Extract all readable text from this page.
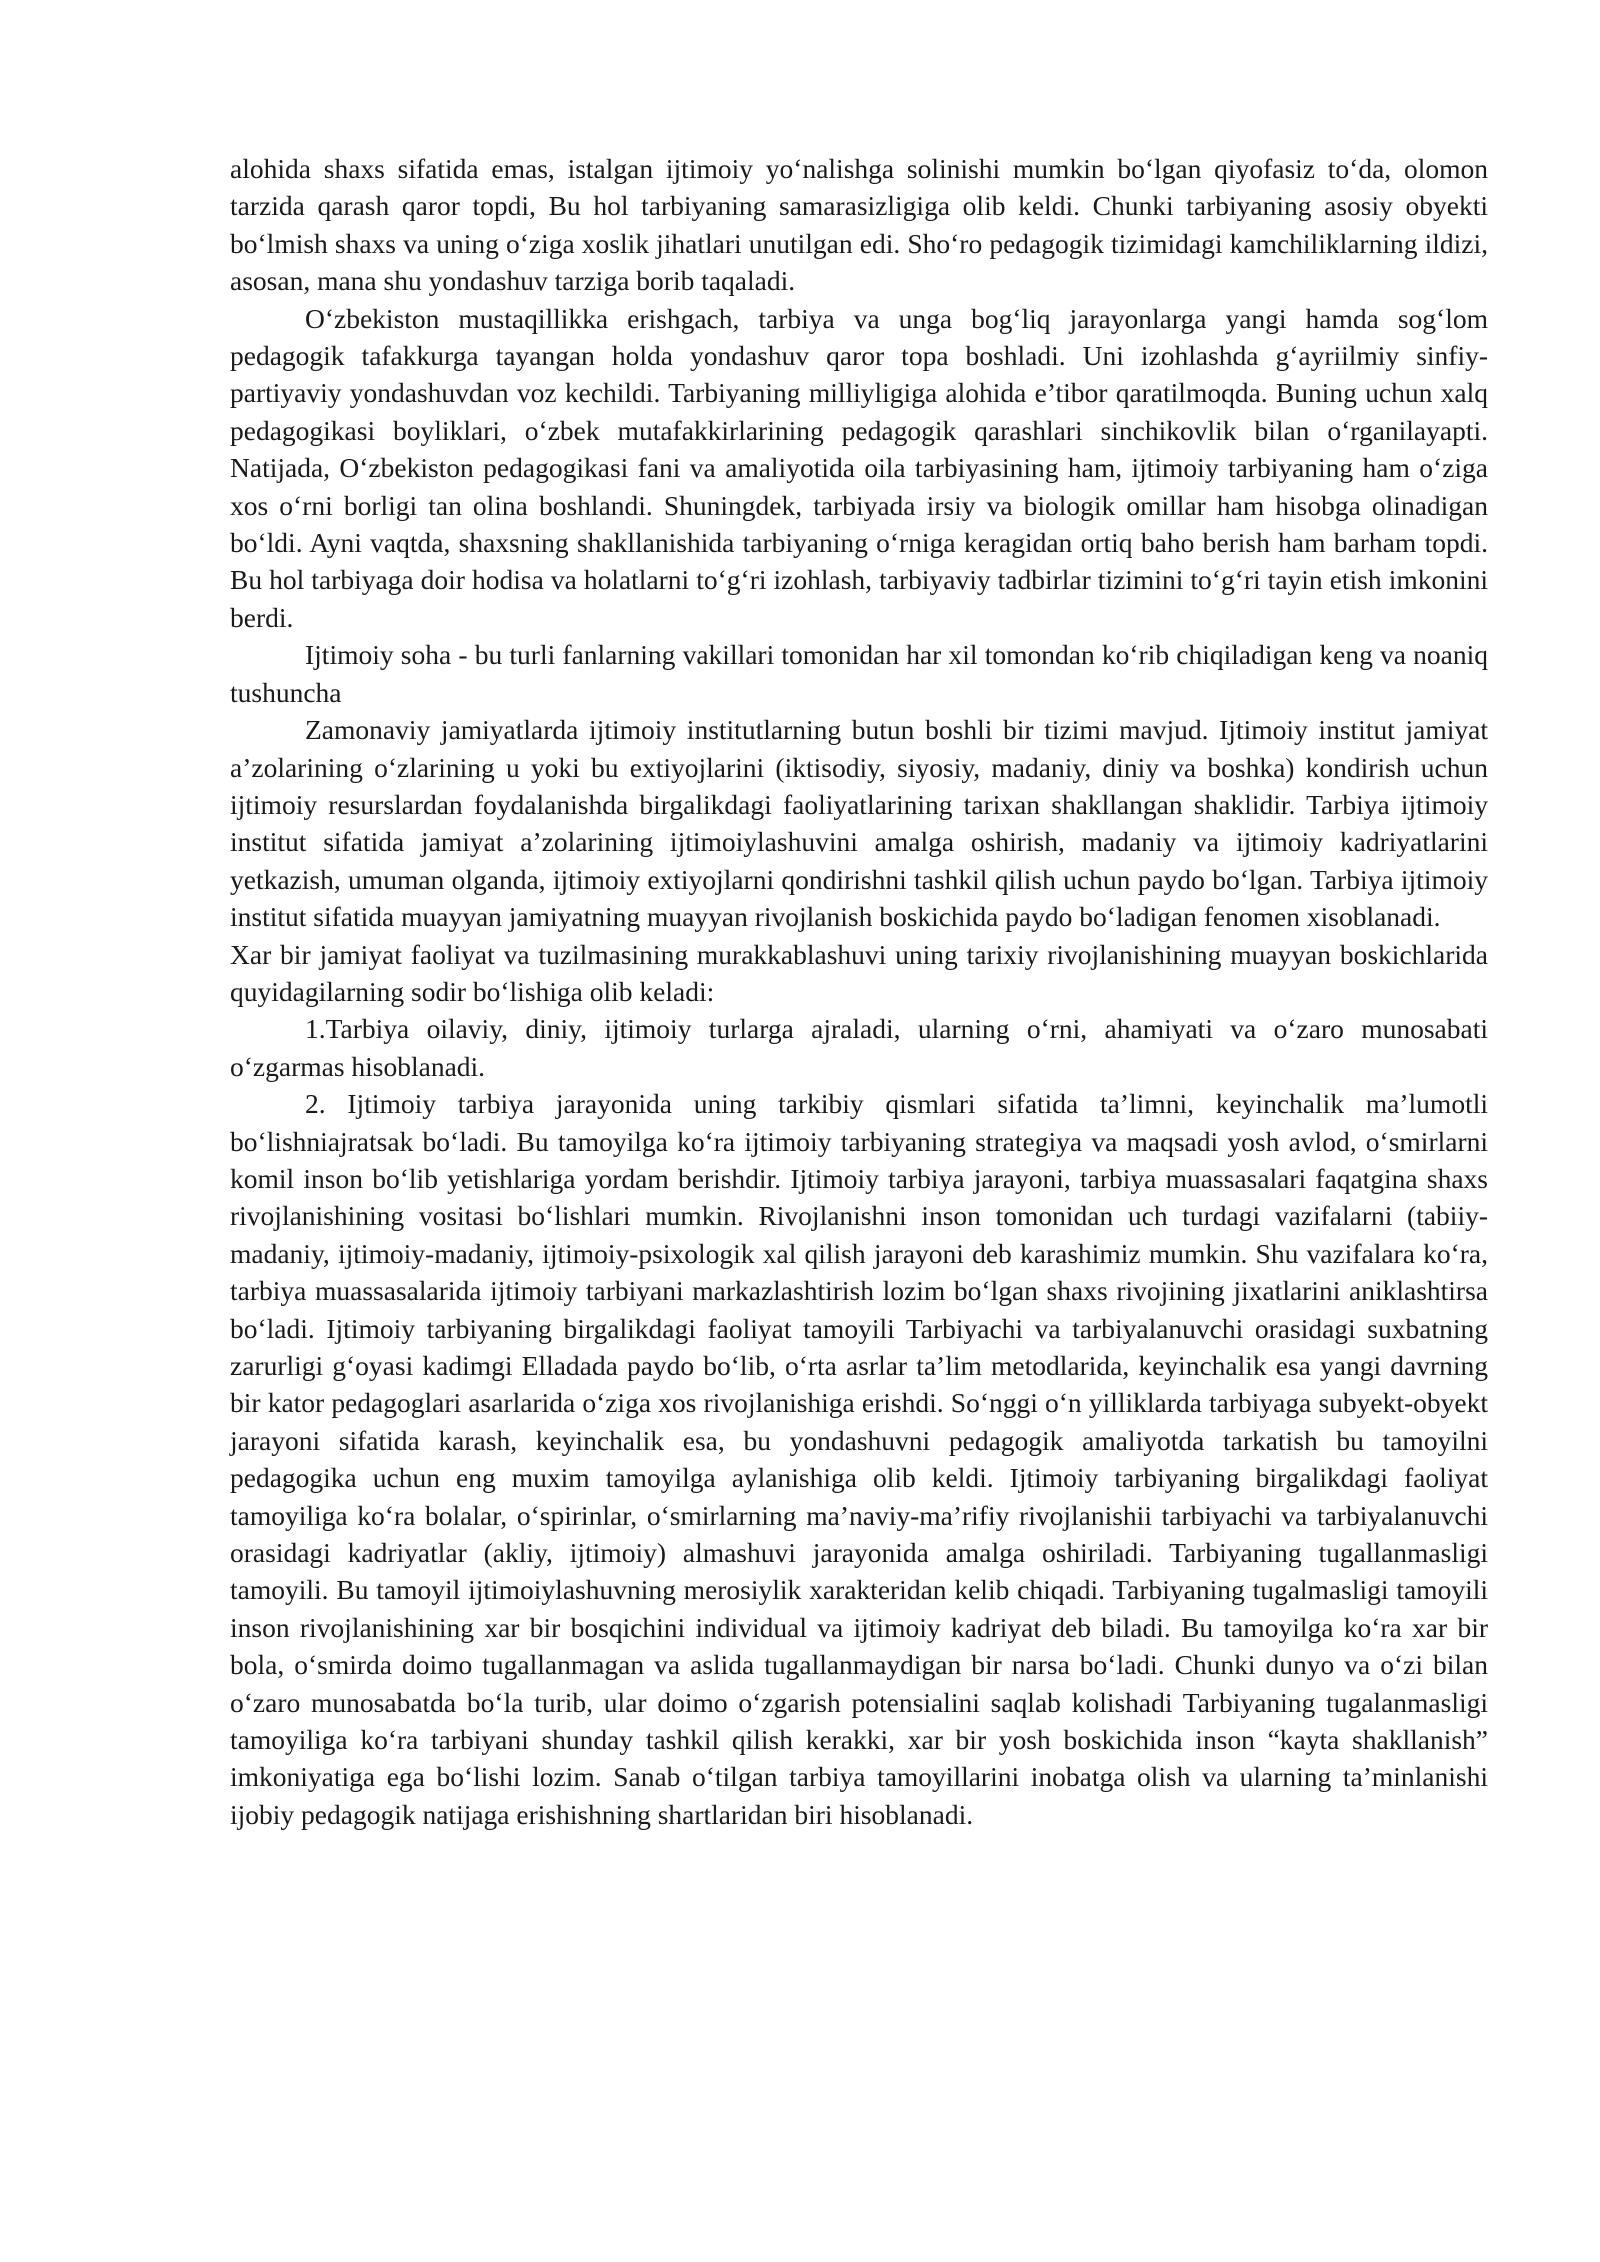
alohida shaxs sifatida emas, istalgan ijtimoiy yo‘nalishga solinishi mumkin bo‘lgan qiyofasiz to‘da, olomon tarzida qarash qaror topdi, Bu hol tarbiyaning samarasizligiga olib keldi. Chunki tarbiyaning asosiy obyekti bo‘lmish shaxs va uning o‘ziga xoslik jihatlari unutilgan edi. Sho‘ro pedagogik tizimidagi kamchiliklarning ildizi, asosan, mana shu yondashuv tarziga borib taqaladi.

O‘zbekiston mustaqillikka erishgach, tarbiya va unga bog‘liq jarayonlarga yangi hamda sog‘lom pedagogik tafakkurga tayangan holda yondashuv qaror topa boshladi. Uni izohlashda g‘ayriilmiy sinfiy-partiyaviy yondashuvdan voz kechildi. Tarbiyaning milliyligiga alohida e’tibor qaratilmoqda. Buning uchun xalq pedagogikasi boyliklari, o‘zbek mutafakkirlarining pedagogik qarashlari sinchikovlik bilan o‘rganilayapti. Natijada, O‘zbekiston pedagogikasi fani va amaliyotida oila tarbiyasining ham, ijtimoiy tarbiyaning ham o‘ziga xos o‘rni borligi tan olina boshlandi. Shuningdek, tarbiyada irsiy va biologik omillar ham hisobga olinadigan bo‘ldi. Ayni vaqtda, shaxsning shakllanishida tarbiyaning o‘rniga keragidan ortiq baho berish ham barham topdi. Bu hol tarbiyaga doir hodisa va holatlarni to‘g‘ri izohlash, tarbiyaviy tadbirlar tizimini to‘g‘ri tayin etish imkonini berdi.

Ijtimoiy soha - bu turli fanlarning vakillari tomonidan har xil tomondan ko‘rib chiqiladigan keng va noaniq tushuncha

Zamonaviy jamiyatlarda ijtimoiy institutlarning butun boshli bir tizimi mavjud. Ijtimoiy institut jamiyat a’zolarining o‘zlarining u yoki bu extiyojlarini (iktisodiy, siyosiy, madaniy, diniy va boshka) kondirish uchun ijtimoiy resurslardan foydalanishda birgalikdagi faoliyatlarining tarixan shakllangan shaklidir. Tarbiya ijtimoiy institut sifatida jamiyat a’zolarining ijtimoiylashuvini amalga oshirish, madaniy va ijtimoiy kadriyatlarini yetkazish, umuman olganda, ijtimoiy extiyojlarni qondirishni tashkil qilish uchun paydo bo‘lgan. Tarbiya ijtimoiy institut sifatida muayyan jamiyatning muayyan rivojlanish boskichida paydo bo‘ladigan fenomen xisoblanadi.

Xar bir jamiyat faoliyat va tuzilmasining murakkablashuvi uning tarixiy rivojlanishining muayyan boskichlarida quyidagilarning sodir bo‘lishiga olib keladi:

1.Tarbiya oilaviy, diniy, ijtimoiy turlarga ajraladi, ularning o‘rni, ahamiyati va o‘zaro munosabati o‘zgarmas hisoblanadi.

2. Ijtimoiy tarbiya jarayonida uning tarkibiy qismlari sifatida ta’limni, keyinchalik ma’lumotli bo‘lishniajratsak bo‘ladi. Bu tamoyilga ko‘ra ijtimoiy tarbiyaning strategiya va maqsadi yosh avlod, o‘smirlarni komil inson bo‘lib yetishlariga yordam berishdir. Ijtimoiy tarbiya jarayoni, tarbiya muassasalari faqatgina shaxs rivojlanishining vositasi bo‘lishlari mumkin. Rivojlanishni inson tomonidan uch turdagi vazifalarni (tabiiy-madaniy, ijtimoiy-madaniy, ijtimoiy-psixologik xal qilish jarayoni deb karashimiz mumkin. Shu vazifalara ko‘ra, tarbiya muassasalarida ijtimoiy tarbiyani markazlashtirish lozim bo‘lgan shaxs rivojining jixatlarini aniklashtirsa bo‘ladi. Ijtimoiy tarbiyaning birgalikdagi faoliyat tamoyili Tarbiyachi va tarbiyalanuvchi orasidagi suxbatning zarurligi g‘oyasi kadimgi Elladada paydo bo‘lib, o‘rta asrlar ta’lim metodlarida, keyinchalik esa yangi davrning bir kator pedagoglari asarlarida o‘ziga xos rivojlanishiga erishdi. So‘nggi o‘n yilliklarda tarbiyaga subyekt-obyekt jarayoni sifatida karash, keyinchalik esa, bu yondashuvni pedagogik amaliyotda tarkatish bu tamoyilni pedagogika uchun eng muxim tamoyilga aylanishiga olib keldi. Ijtimoiy tarbiyaning birgalikdagi faoliyat tamoyiliga ko‘ra bolalar, o‘spirinlar, o‘smirlarning ma’naviy-ma’rifiy rivojlanishii tarbiyachi va tarbiyalanuvchi orasidagi kadriyatlar (akliy, ijtimoiy) almashuvi jarayonida amalga oshiriladi. Tarbiyaning tugallanmasligi tamoyili. Bu tamoyil ijtimoiylashuvning merosiylik xarakteridan kelib chiqadi. Tarbiyaning tugalmasligi tamoyili inson rivojlanishining xar bir bosqichini individual va ijtimoiy kadriyat deb biladi. Bu tamoyilga ko‘ra xar bir bola, o‘smirda doimo tugallanmagan va aslida tugallanmaydigan bir narsa bo‘ladi. Chunki dunyo va o‘zi bilan o‘zaro munosabatda bo‘la turib, ular doimo o‘zgarish potensialini saqlab kolishadi Tarbiyaning tugalanmasligi tamoyiliga ko‘ra tarbiyani shunday tashkil qilish kerakki, xar bir yosh boskichida inson “kayta shakllanish” imkoniyatiga ega bo‘lishi lozim. Sanab o‘tilgan tarbiya tamoyillarini inobatga olish va ularning ta’minlanishi ijobiy pedagogik natijaga erishishning shartlaridan biri hisoblanadi.
